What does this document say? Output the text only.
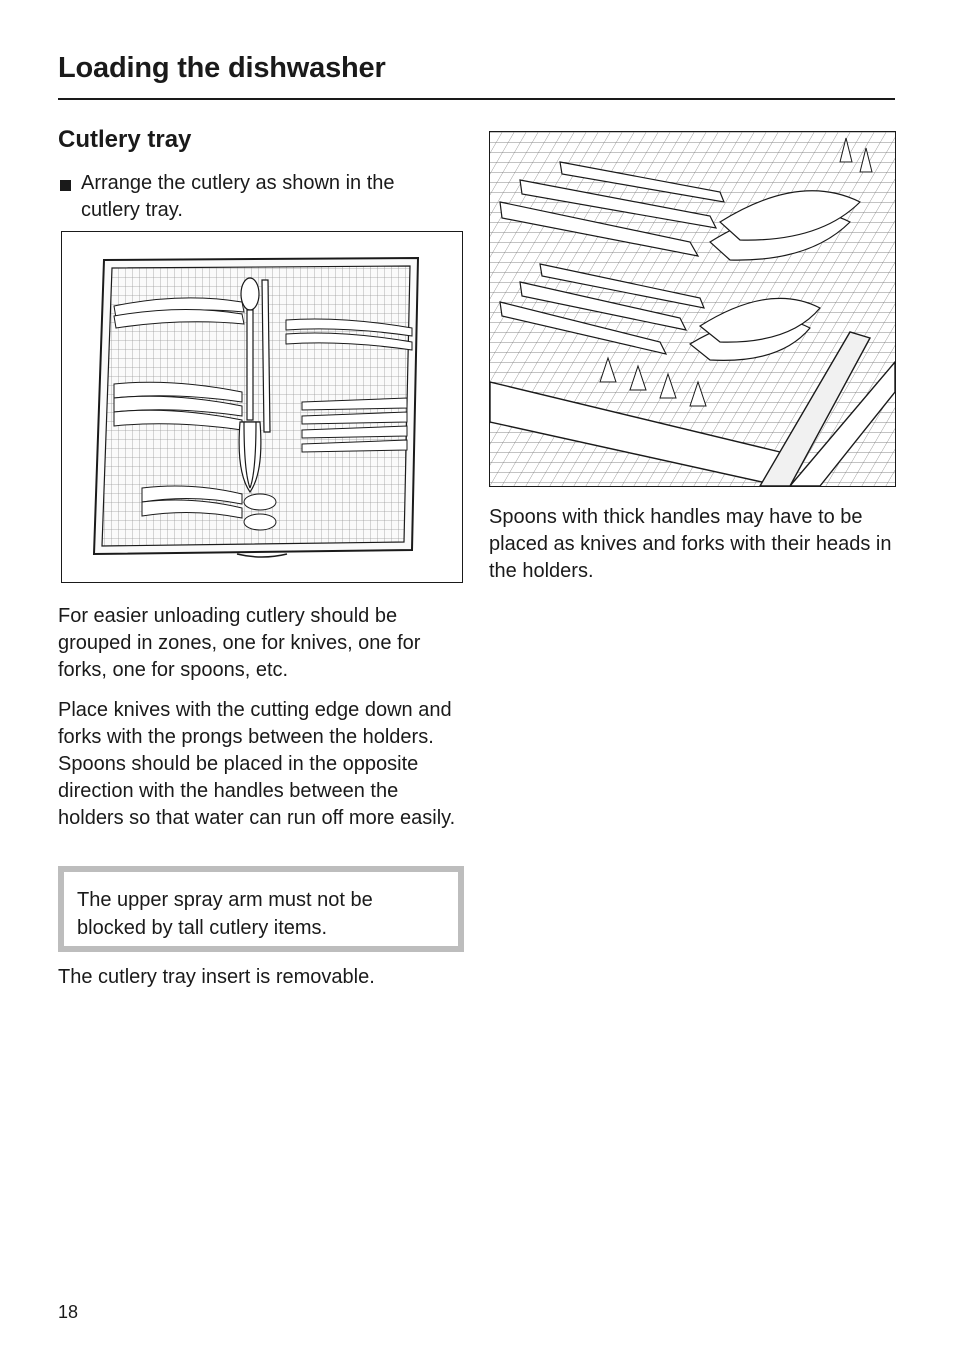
Loading the dishwasher
Cutlery tray
Arrange the cutlery as shown in the cutlery tray.

For easier unloading cutlery should be grouped in zones, one for knives, one for forks, one for spoons, etc.

Place knives with the cutting edge down and forks with the prongs between the holders. Spoons should be placed in the opposite direction with the handles between the holders so that water can run off more easily.

The upper spray arm must not be blocked by tall cutlery items.

The cutlery tray insert is removable.

Spoons with thick handles may have to be placed as knives and forks with their heads in the holders.

18
